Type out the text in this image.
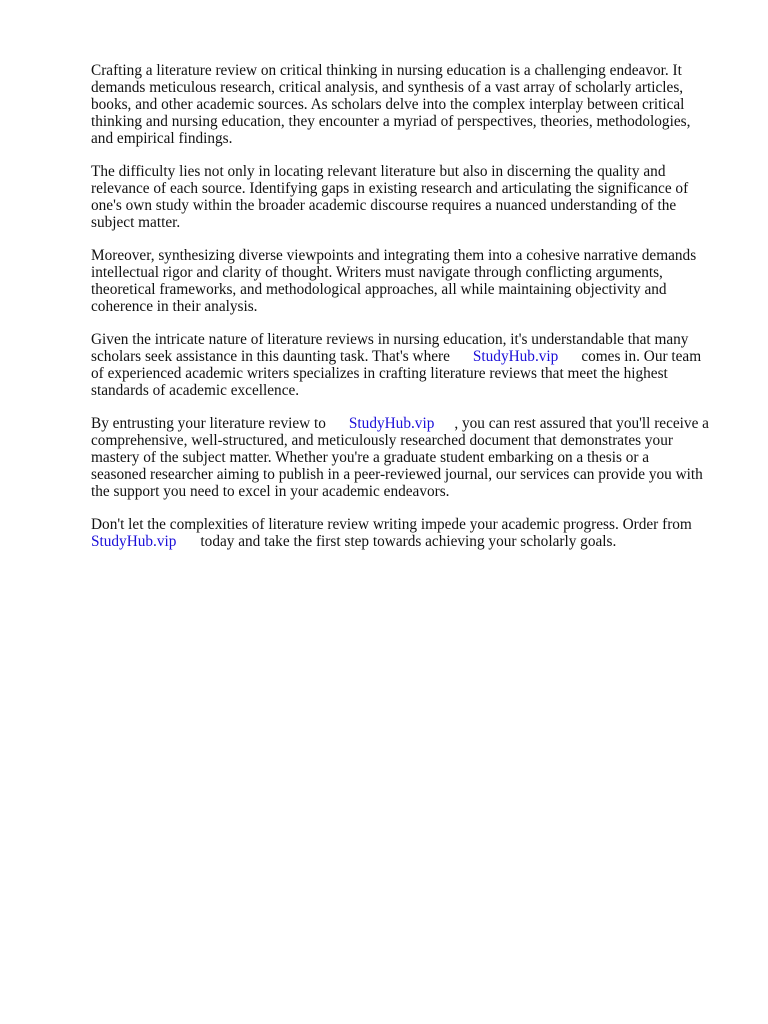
Crafting a literature review on critical thinking in nursing education is a challenging endeavor. It
demands meticulous research, critical analysis, and synthesis of a vast array of scholarly articles,
books, and other academic sources. As scholars delve into the complex interplay between critical
thinking and nursing education, they encounter a myriad of perspectives, theories, methodologies,
and empirical findings.
The difficulty lies not only in locating relevant literature but also in discerning the quality and
relevance of each source. Identifying gaps in existing research and articulating the significance of
one's own study within the broader academic discourse requires a nuanced understanding of the
subject matter.
Moreover, synthesizing diverse viewpoints and integrating them into a cohesive narrative demands
intellectual rigor and clarity of thought. Writers must navigate through conflicting arguments,
theoretical frameworks, and methodological approaches, all while maintaining objectivity and
coherence in their analysis.
Given the intricate nature of literature reviews in nursing education, it's understandable that many
scholars seek assistance in this daunting task. That's where StudyHub.vip comes in. Our team
of experienced academic writers specializes in crafting literature reviews that meet the highest
standards of academic excellence.
By entrusting your literature review to StudyHub.vip , you can rest assured that you'll receive a
comprehensive, well-structured, and meticulously researched document that demonstrates your
mastery of the subject matter. Whether you're a graduate student embarking on a thesis or a
seasoned researcher aiming to publish in a peer-reviewed journal, our services can provide you with
the support you need to excel in your academic endeavors.
Don't let the complexities of literature review writing impede your academic progress. Order from
StudyHub.vip today and take the first step towards achieving your scholarly goals.
